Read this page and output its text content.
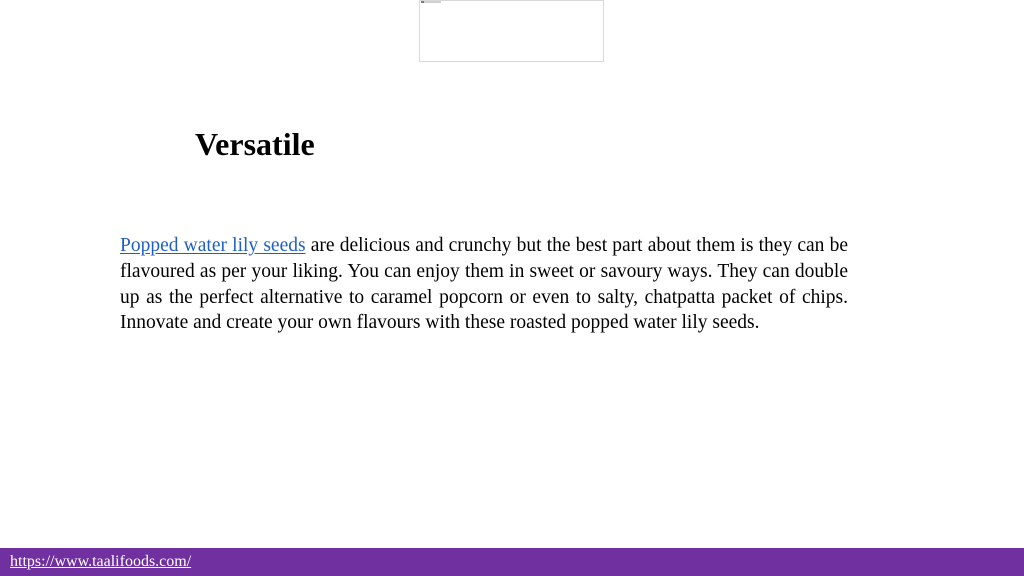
Versatile

Popped water lily seeds are delicious and crunchy but the best part about them is they can be flavoured as per your liking. You can enjoy them in sweet or savoury ways. They can double up as the perfect alternative to caramel popcorn or even to salty, chatpatta packet of chips. Innovate and create your own flavours with these roasted popped water lily seeds.

https://www.taalifoods.com/
